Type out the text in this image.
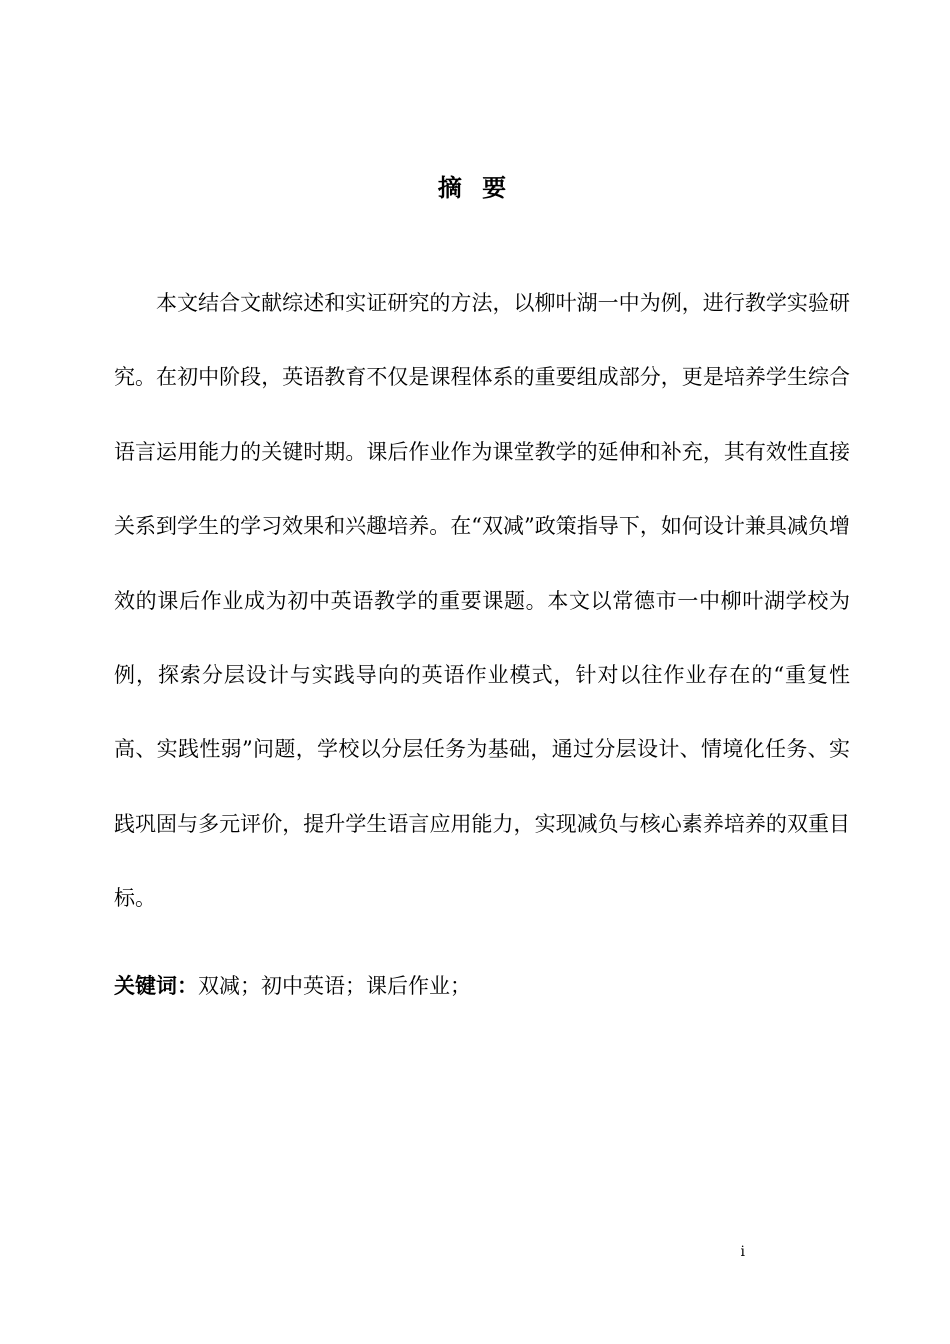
摘 要

本文结合文献综述和实证研究的方法，以柳叶湖一中为例，进行教学实验研究。在初中阶段，英语教育不仅是课程体系的重要组成部分，更是培养学生综合语言运用能力的关键时期。课后作业作为课堂教学的延伸和补充，其有效性直接关系到学生的学习效果和兴趣培养。在“双减”政策指导下，如何设计兼具减负增效的课后作业成为初中英语教学的重要课题。本文以常德市一中柳叶湖学校为例，探索分层设计与实践导向的英语作业模式，针对以往作业存在的“重复性高、实践性弱”问题，学校以分层任务为基础，通过分层设计、情境化任务、实践巩固与多元评价，提升学生语言应用能力，实现减负与核心素养培养的双重目标。

关键词：双减；初中英语；课后作业；
i
